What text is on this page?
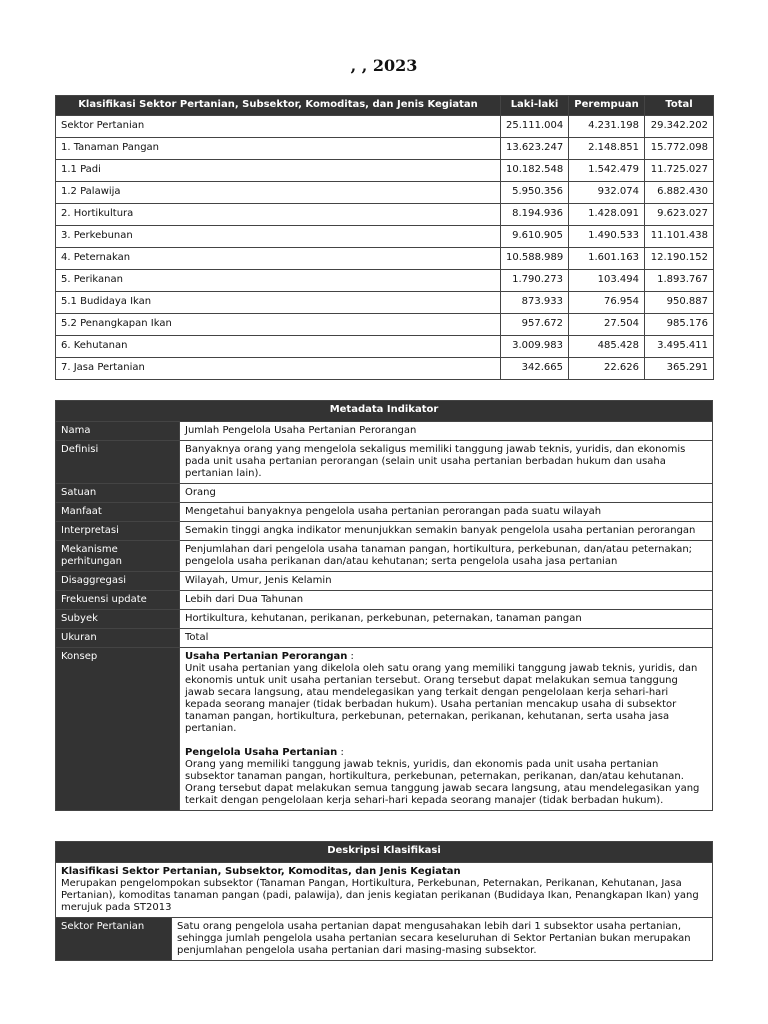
, , 2023
Klasifikasi Sektor Pertanian, Subsektor, Komoditas, dan Jenis Kegiatan	Laki-laki	Perempuan	Total
Sektor Pertanian	25.111.004	4.231.198	29.342.202
1. Tanaman Pangan	13.623.247	2.148.851	15.772.098
1.1 Padi	10.182.548	1.542.479	11.725.027
1.2 Palawija	5.950.356	932.074	6.882.430
2. Hortikultura	8.194.936	1.428.091	9.623.027
3. Perkebunan	9.610.905	1.490.533	11.101.438
4. Peternakan	10.588.989	1.601.163	12.190.152
5. Perikanan	1.790.273	103.494	1.893.767
5.1 Budidaya Ikan	873.933	76.954	950.887
5.2 Penangkapan Ikan	957.672	27.504	985.176
6. Kehutanan	3.009.983	485.428	3.495.411
7. Jasa Pertanian	342.665	22.626	365.291
Metadata Indikator	
Nama	Jumlah Pengelola Usaha Pertanian Perorangan
Definisi	Banyaknya orang yang mengelola sekaligus memiliki tanggung jawab teknis, yuridis, dan ekonomis pada unit usaha pertanian perorangan (selain unit usaha pertanian berbadan hukum dan usaha pertanian lain).
Satuan	Orang
Manfaat	Mengetahui banyaknya pengelola usaha pertanian perorangan pada suatu wilayah
Interpretasi	Semakin tinggi angka indikator menunjukkan semakin banyak pengelola usaha pertanian perorangan
Mekanisme perhitungan	Penjumlahan dari pengelola usaha tanaman pangan, hortikultura, perkebunan, dan/atau peternakan; pengelola usaha perikanan dan/atau kehutanan; serta pengelola usaha jasa pertanian
Disaggregasi	Wilayah, Umur, Jenis Kelamin
Frekuensi update	Lebih dari Dua Tahunan
Subyek	Hortikultura, kehutanan, perikanan, perkebunan, peternakan, tanaman pangan
Ukuran	Total
Konsep	Usaha Pertanian Perorangan :
Unit usaha pertanian yang dikelola oleh satu orang yang memiliki tanggung jawab teknis, yuridis, dan ekonomis untuk unit usaha pertanian tersebut. Orang tersebut dapat melakukan semua tanggung jawab secara langsung, atau mendelegasikan yang terkait dengan pengelolaan kerja sehari-hari kepada seorang manajer (tidak berbadan hukum). Usaha pertanian mencakup usaha di subsektor tanaman pangan, hortikultura, perkebunan, peternakan, perikanan, kehutanan, serta usaha jasa pertanian.

Pengelola Usaha Pertanian :
Orang yang memiliki tanggung jawab teknis, yuridis, dan ekonomis pada unit usaha pertanian subsektor tanaman pangan, hortikultura, perkebunan, peternakan, perikanan, dan/atau kehutanan. Orang tersebut dapat melakukan semua tanggung jawab secara langsung, atau mendelegasikan yang terkait dengan pengelolaan kerja sehari-hari kepada seorang manajer (tidak berbadan hukum).
Deskripsi Klasifikasi
Klasifikasi Sektor Pertanian, Subsektor, Komoditas, dan Jenis Kegiatan
Merupakan pengelompokan subsektor (Tanaman Pangan, Hortikultura, Perkebunan, Peternakan, Perikanan, Kehutanan, Jasa Pertanian), komoditas tanaman pangan (padi, palawija), dan jenis kegiatan perikanan (Budidaya Ikan, Penangkapan Ikan) yang merujuk pada ST2013
Sektor Pertanian	Satu orang pengelola usaha pertanian dapat mengusahakan lebih dari 1 subsektor usaha pertanian, sehingga jumlah pengelola usaha pertanian secara keseluruhan di Sektor Pertanian bukan merupakan penjumlahan pengelola usaha pertanian dari masing-masing subsektor.
